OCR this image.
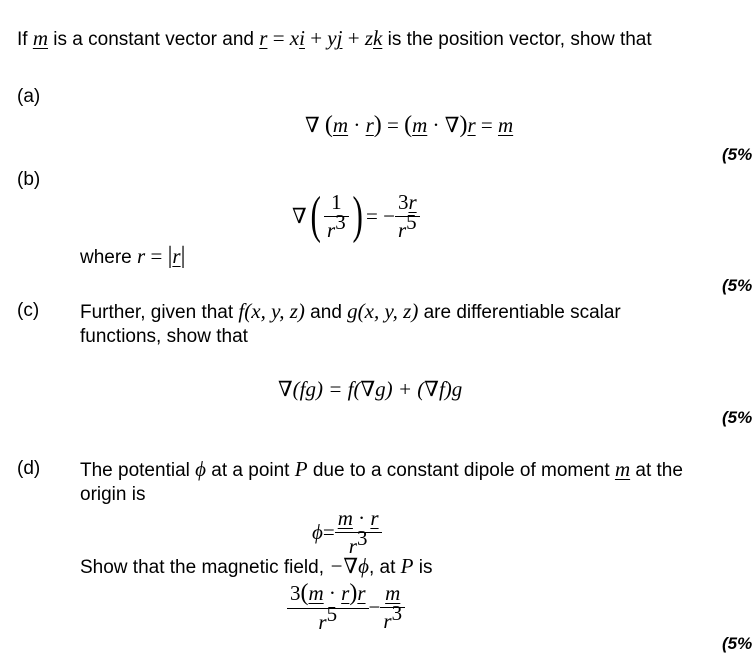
If m is a constant vector and r = xi + yj + zk is the position vector, show that
(a)
∇ (m · r) = (m · ∇)r = m
(5%
(b)
∇ ( $\frac{1}{r^3}$ ) = − $\frac{3r}{r^5}$
where r = |r|
(5%
(c) Further, given that f(x, y, z) and g(x, y, z) are differentiable scalar
functions, show that
∇(fg) = f(∇g) + (∇f)g
(5%
(d) The potential ϕ at a point P due to a constant dipole of moment m at the
origin is
$\phi = \frac{m \cdot r}{r^3}$
Show that the magnetic field, −∇ϕ, at P is
$\frac{3(m \cdot r)r}{r^5} - \frac{m}{r^3}$
(5%
